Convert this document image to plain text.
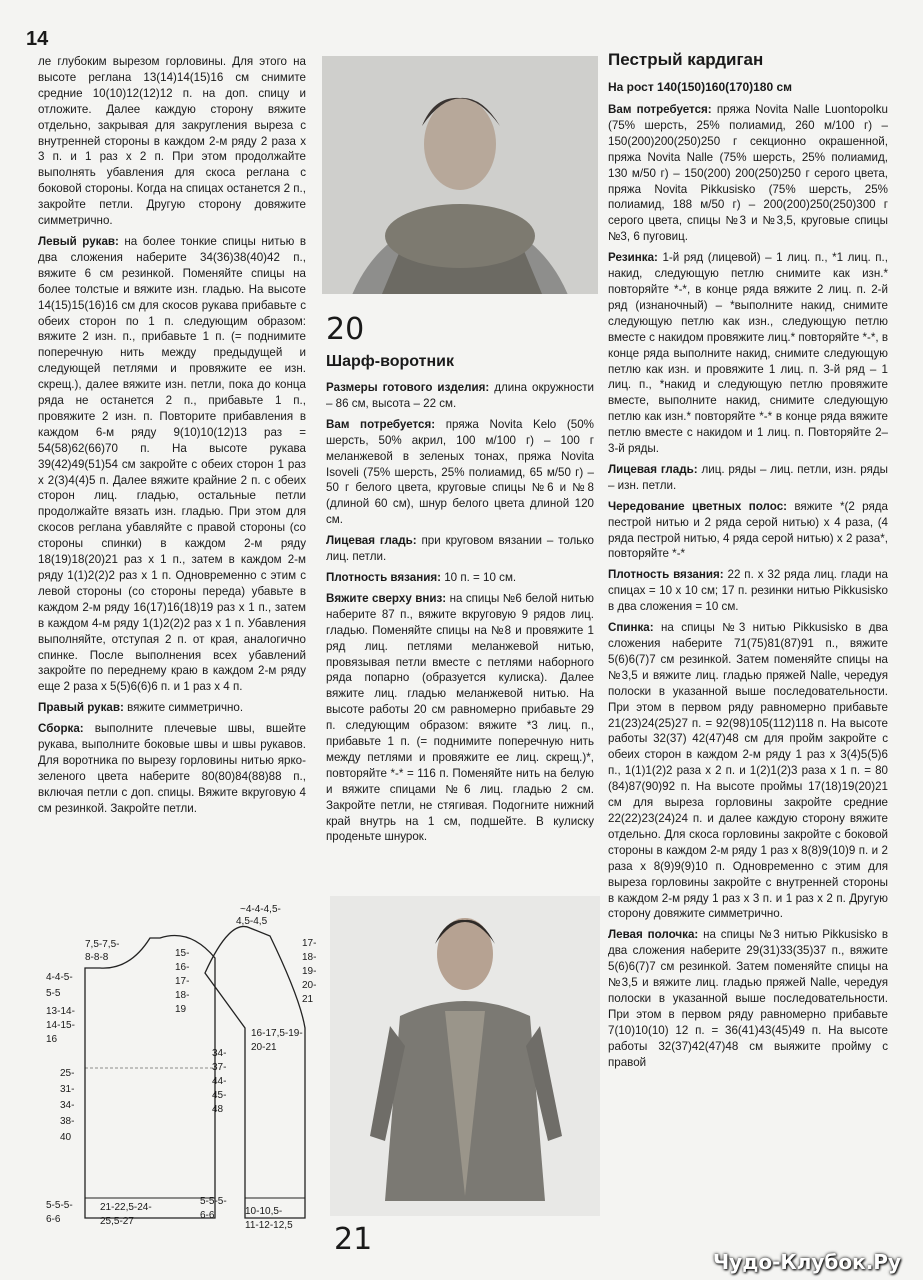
14

ле глубоким вырезом горловины. Для этого на высоте реглана 13(14)14(15)16 см снимите средние 10(10)12(12)12 п. на доп. спицу и отложите. Далее каждую сторону вяжите отдельно, закрывая для закругления выреза с внутренней стороны в каждом 2-м ряду 2 раза х 3 п. и 1 раз х 2 п. При этом продолжайте выполнять убавления для скоса реглана с боковой стороны. Когда на спицах останется 2 п., закройте петли. Другую сторону довяжите симметрично.

Левый рукав: на более тонкие спицы нитью в два сложения наберите 34(36)38(40)42 п., вяжите 6 см резинкой. Поменяйте спицы на более толстые и вяжите изн. гладью. На высоте 14(15)15(16)16 см для скосов рукава прибавьте с обеих сторон по 1 п. следующим образом: вяжите 2 изн. п., прибавьте 1 п. (= поднимите поперечную нить между предыдущей и следующей петлями и провяжите ее изн. скрещ.), далее вяжите изн. петли, пока до конца ряда не останется 2 п., прибавьте 1 п., провяжите 2 изн. п. Повторите прибавления в каждом 6-м ряду 9(10)10(12)13 раз = 54(58)62(66)70 п. На высоте рукава 39(42)49(51)54 см закройте с обеих сторон 1 раз х 2(3)4(4)5 п. Далее вяжите крайние 2 п. с обеих сторон лиц. гладью, остальные петли продолжайте вязать изн. гладью. При этом для скосов реглана убавляйте с правой стороны (со стороны спинки) в каждом 2-м ряду 18(19)18(20)21 раз х 1 п., затем в каждом 2-м ряду 1(1)2(2)2 раз х 1 п. Одновременно с этим с левой стороны (со стороны переда) убавьте в каждом 2-м ряду 16(17)16(18)19 раз х 1 п., затем в каждом 4-м ряду 1(1)2(2)2 раз х 1 п. Убавления выполняйте, отступая 2 п. от края, аналогично спинке. После выполнения всех убавлений закройте по переднему краю в каждом 2-м ряду еще 2 раза х 5(5)6(6)6 п. и 1 раз х 4 п.

Правый рукав: вяжите симметрично.

Сборка: выполните плечевые швы, вшейте рукава, выполните боковые швы и швы рукавов. Для воротника по вырезу горловины нитью ярко-зеленого цвета наберите 80(80)84(88)88 п., включая петли с доп. спицы. Вяжите вкруговую 4 см резинкой. Закройте петли.

~4-4-4,5-
4,5-4,5
7,5-7,5-
8-8-8
4-4-5-
5-5
13-14-
14-15-
16
25-
31-
34-
38-
40
5-5-5-
6-6
21-22,5-24-
25,5-27
15-
16-
17-
18-
19
34-
37-
44-
45-
48
5-5-5-
6-6
17-
18-
19-
20-
21
16-17,5-19-
20-21
10-10,5-
11-12-12,5
20
Шарф-воротник

Размеры готового изделия: длина окружности – 86 см, высота – 22 см.

Вам потребуется: пряжа Novita Kelo (50% шерсть, 50% акрил, 100 м/100 г) – 100 г меланжевой в зеленых тонах, пряжа Novita Isoveli (75% шерсть, 25% полиамид, 65 м/50 г) – 50 г белого цвета, круговые спицы №6 и №8 (длиной 60 см), шнур белого цвета длиной 120 см.

Лицевая гладь: при круговом вязании – только лиц. петли.

Плотность вязания: 10 п. = 10 см.

Вяжите сверху вниз: на спицы №6 белой нитью наберите 87 п., вяжите вкруговую 9 рядов лиц. гладью. Поменяйте спицы на №8 и провяжите 1 ряд лиц. петлями меланжевой нитью, провязывая петли вместе с петлями наборного ряда попарно (образуется кулиска). Далее вяжите лиц. гладью меланжевой нитью. На высоте работы 20 см равномерно прибавьте 29 п. следующим образом: вяжите *3 лиц. п., прибавьте 1 п. (= поднимите поперечную нить между петлями и провяжите ее лиц. скрещ.)*, повторяйте *-* = 116 п. Поменяйте нить на белую и вяжите спицами №6 лиц. гладью 2 см. Закройте петли, не стягивая. Подогните нижний край внутрь на 1 см, подшейте. В кулиску проденьте шнурок.

21
Пестрый кардиган
На рост 140(150)160(170)180 см

Вам потребуется: пряжа Novita Nalle Luontopolku (75% шерсть, 25% полиамид, 260 м/100 г) – 150(200)200(250)250 г секционно окрашенной, пряжа Novita Nalle (75% шерсть, 25% полиамид, 130 м/50 г) – 150(200) 200(250)250 г серого цвета, пряжа Novita Pikkusisko (75% шерсть, 25% полиамид, 188 м/50 г) – 200(200)250(250)300 г серого цвета, спицы №3 и №3,5, круговые спицы №3, 6 пуговиц.

Резинка: 1-й ряд (лицевой) – 1 лиц. п., *1 лиц. п., накид, следующую петлю снимите как изн.* повторяйте *-*, в конце ряда вяжите 2 лиц. п. 2-й ряд (изнаночный) – *выполните накид, снимите следующую петлю как изн., следующую петлю вместе с накидом провяжите лиц.* повторяйте *-*, в конце ряда выполните накид, снимите следующую петлю как изн. и провяжите 1 лиц. п. 3-й ряд – 1 лиц. п., *накид и следующую петлю провяжите вместе, выполните накид, снимите следующую петлю как изн.* повторяйте *-* в конце ряда вяжите петлю вместе с накидом и 1 лиц. п. Повторяйте 2–3-й ряды.

Лицевая гладь: лиц. ряды – лиц. петли, изн. ряды – изн. петли.

Чередование цветных полос: вяжите *(2 ряда пестрой нитью и 2 ряда серой нитью) х 4 раза, (4 ряда пестрой нитью, 4 ряда серой нитью) х 2 раза*, повторяйте *-*

Плотность вязания: 22 п. х 32 ряда лиц. глади на спицах = 10 х 10 см; 17 п. резинки нитью Pikkusisko в два сложения = 10 см.

Спинка: на спицы №3 нитью Pikkusisko в два сложения наберите 71(75)81(87)91 п., вяжите 5(6)6(7)7 см резинкой. Затем поменяйте спицы на №3,5 и вяжите лиц. гладью пряжей Nalle, чередуя полоски в указанной выше последовательности. При этом в первом ряду равномерно прибавьте 21(23)24(25)27 п. = 92(98)105(112)118 п. На высоте работы 32(37) 42(47)48 см для пройм закройте с обеих сторон в каждом 2-м ряду 1 раз х 3(4)5(5)6 п., 1(1)1(2)2 раза х 2 п. и 1(2)1(2)3 раза х 1 п. = 80 (84)87(90)92 п. На высоте проймы 17(18)19(20)21 см для выреза горловины закройте средние 22(22)23(24)24 п. и далее каждую сторону вяжите отдельно. Для скоса горловины закройте с боковой стороны в каждом 2-м ряду 1 раз х 8(8)9(10)9 п. и 2 раза х 8(9)9(9)10 п. Одновременно с этим для выреза горловины закройте с внутренней стороны в каждом 2-м ряду 1 раз х 3 п. и 1 раз х 2 п. Другую сторону довяжите симметрично.

Левая полочка: на спицы №3 нитью Pikkusisko в два сложения наберите 29(31)33(35)37 п., вяжите 5(6)6(7)7 см резинкой. Затем поменяйте спицы на №3,5 и вяжите лиц. гладью пряжей Nalle, чередуя полоски в указанной выше последовательности. При этом в первом ряду равномерно прибавьте 7(10)10(10) 12 п. = 36(41)43(45)49 п. На высоте работы 32(37)42(47)48 см выяжите пройму с правой

Чудо-Клубок.Ру
